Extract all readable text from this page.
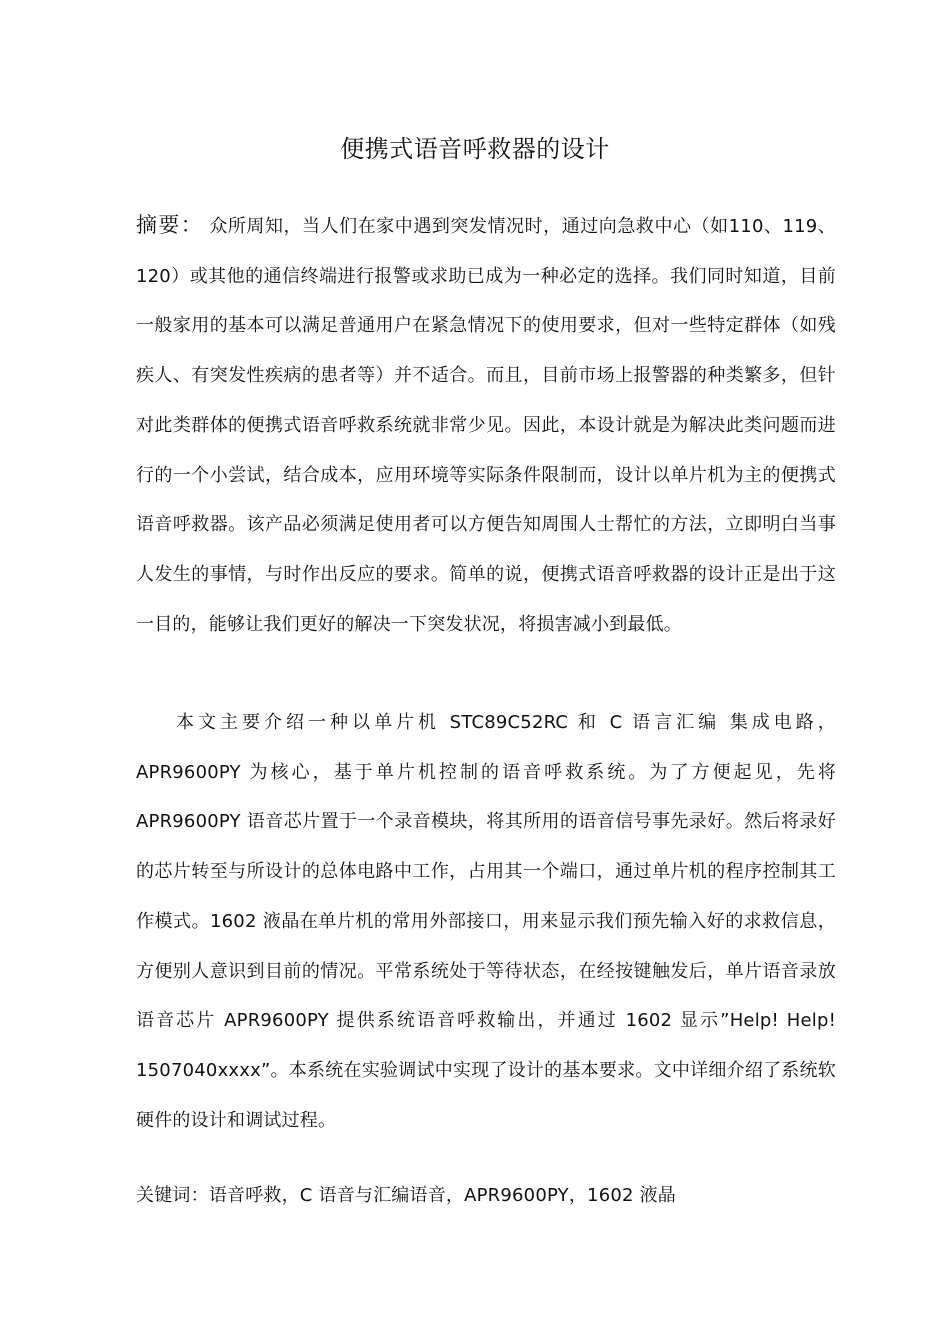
便携式语音呼救器的设计
摘要： 众所周知，当人们在家中遇到突发情况时，通过向急救中心（如110、119、120）或其他的通信终端进行报警或求助已成为一种必定的选择。我们同时知道，目前一般家用的基本可以满足普通用户在紧急情况下的使用要求，但对一些特定群体（如残疾人、有突发性疾病的患者等）并不适合。而且，目前市场上报警器的种类繁多，但针对此类群体的便携式语音呼救系统就非常少见。因此，本设计就是为解决此类问题而进行的一个小尝试，结合成本，应用环境等实际条件限制而，设计以单片机为主的便携式语音呼救器。该产品必须满足使用者可以方便告知周围人士帮忙的方法，立即明白当事人发生的事情，与时作出反应的要求。简单的说，便携式语音呼救器的设计正是出于这一目的，能够让我们更好的解决一下突发状况，将损害减小到最低。
本文主要介绍一种以单片机 STC89C52RC 和 C 语言汇编 集成电路，APR9600PY 为核心，基于单片机控制的语音呼救系统。为了方便起见，先将APR9600PY 语音芯片置于一个录音模块，将其所用的语音信号事先录好。然后将录好的芯片转至与所设计的总体电路中工作，占用其一个端口，通过单片机的程序控制其工作模式。1602 液晶在单片机的常用外部接口，用来显示我们预先输入好的求救信息，方便别人意识到目前的情况。平常系统处于等待状态，在经按键触发后，单片语音录放语音芯片 APR9600PY 提供系统语音呼救输出，并通过 1602 显示”Help! Help! 1507040xxxx”。本系统在实验调试中实现了设计的基本要求。文中详细介绍了系统软硬件的设计和调试过程。
关键词：语音呼救，C 语音与汇编语音，APR9600PY，1602 液晶
